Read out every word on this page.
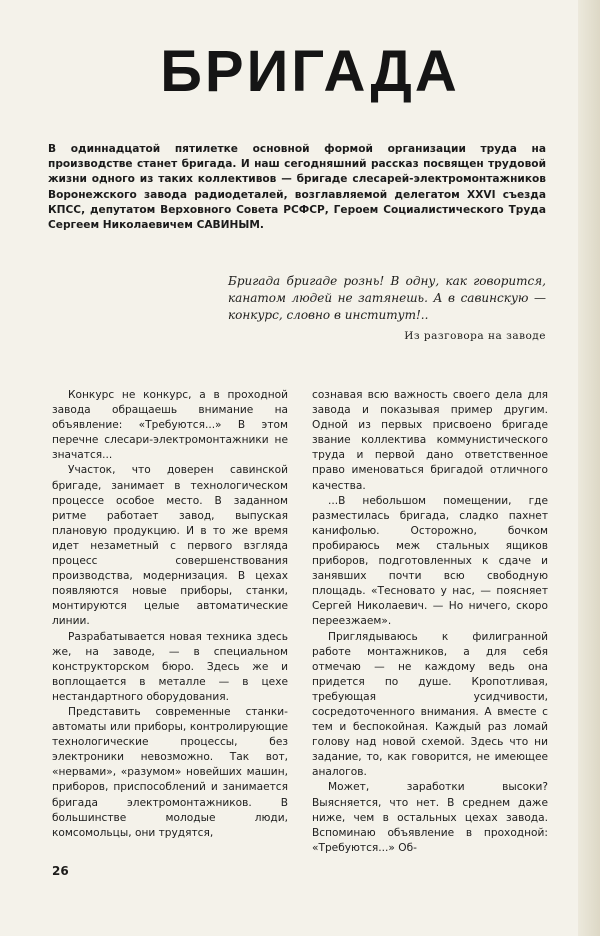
БРИГАДА

В одиннадцатой пятилетке основной формой организации труда на производстве станет бригада. И наш сегодняшний рассказ посвящен трудовой жизни одного из таких коллективов — бригаде слесарей-электромонтажников Воронежского завода радиодеталей, возглавляемой делегатом XXVI съезда КПСС, депутатом Верховного Совета РСФСР, Героем Социалистического Труда Сергеем Николаевичем САВИНЫМ.

Бригада бригаде рознь! В одну, как говорится, канатом людей не затянешь. А в савинскую — конкурс, словно в институт!..

Из разговора на заводе

Конкурс не конкурс, а в проходной завода обращаешь внимание на объявление: «Требуются...» В этом перечне слесари-электромонтажники не значатся...

Участок, что доверен савинской бригаде, занимает в технологическом процессе особое место. В заданном ритме работает завод, выпуская плановую продукцию. И в то же время идет незаметный с первого взгляда процесс совершенствования производства, модернизация. В цехах появляются новые приборы, станки, монтируются целые автоматические линии.

Разрабатывается новая техника здесь же, на заводе, — в специальном конструкторском бюро. Здесь же и воплощается в металле — в цехе нестандартного оборудования.

Представить современные станки-автоматы или приборы, контролирующие технологические процессы, без электроники невозможно. Так вот, «нервами», «разумом» новейших машин, приборов, приспособлений и занимается бригада электромонтажников. В большинстве молодые люди, комсомольцы, они трудятся,

сознавая всю важность своего дела для завода и показывая пример другим. Одной из первых присвоено бригаде звание коллектива коммунистического труда и первой дано ответственное право именоваться бригадой отличного качества.

...В небольшом помещении, где разместилась бригада, сладко пахнет канифолью. Осторожно, бочком пробираюсь меж стальных ящиков приборов, подготовленных к сдаче и занявших почти всю свободную площадь. «Тесновато у нас, — поясняет Сергей Николаевич. — Но ничего, скоро переезжаем».

Приглядываюсь к филигранной работе монтажников, а для себя отмечаю — не каждому ведь она придется по душе. Кропотливая, требующая усидчивости, сосредоточенного внимания. А вместе с тем и беспокойная. Каждый раз ломай голову над новой схемой. Здесь что ни задание, то, как говорится, не имеющее аналогов.

Может, заработки высоки? Выясняется, что нет. В среднем даже ниже, чем в остальных цехах завода. Вспоминаю объявление в проходной: «Требуются...» Об-

26
